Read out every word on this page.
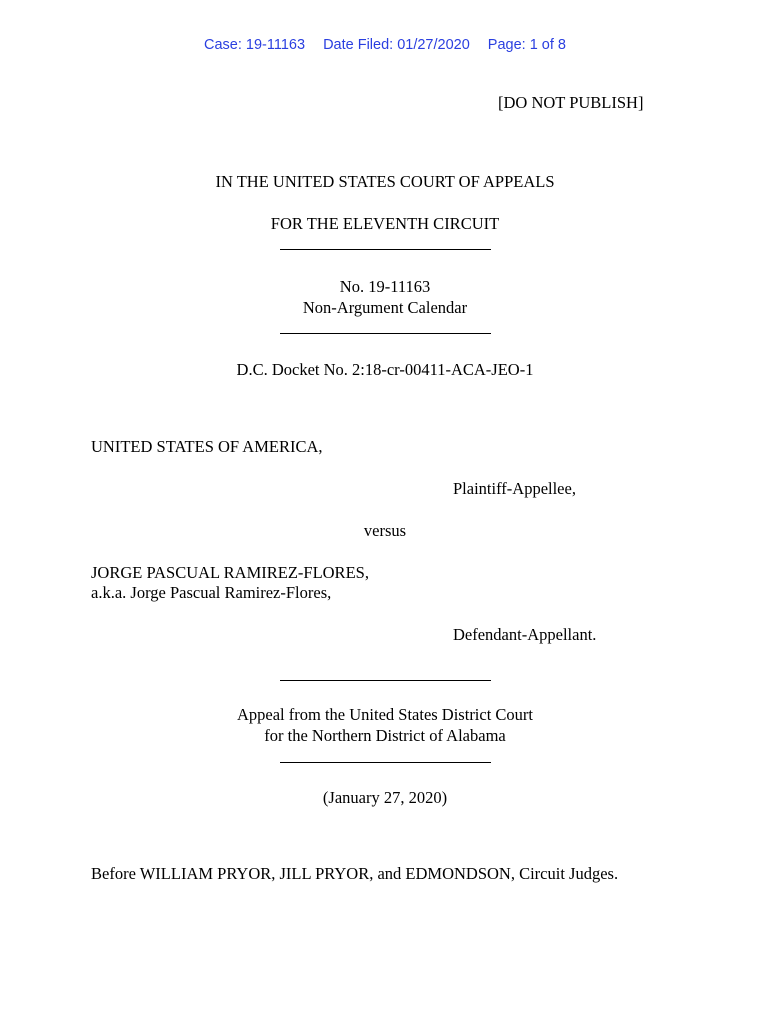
Case: 19-11163 Date Filed: 01/27/2020 Page: 1 of 8
[DO NOT PUBLISH]
IN THE UNITED STATES COURT OF APPEALS
FOR THE ELEVENTH CIRCUIT
No. 19-11163
Non-Argument Calendar
D.C. Docket No. 2:18-cr-00411-ACA-JEO-1
UNITED STATES OF AMERICA,
Plaintiff-Appellee,
versus
JORGE PASCUAL RAMIREZ-FLORES,
a.k.a. Jorge Pascual Ramirez-Flores,
Defendant-Appellant.
Appeal from the United States District Court
for the Northern District of Alabama
(January 27, 2020)
Before WILLIAM PRYOR, JILL PRYOR, and EDMONDSON, Circuit Judges.
